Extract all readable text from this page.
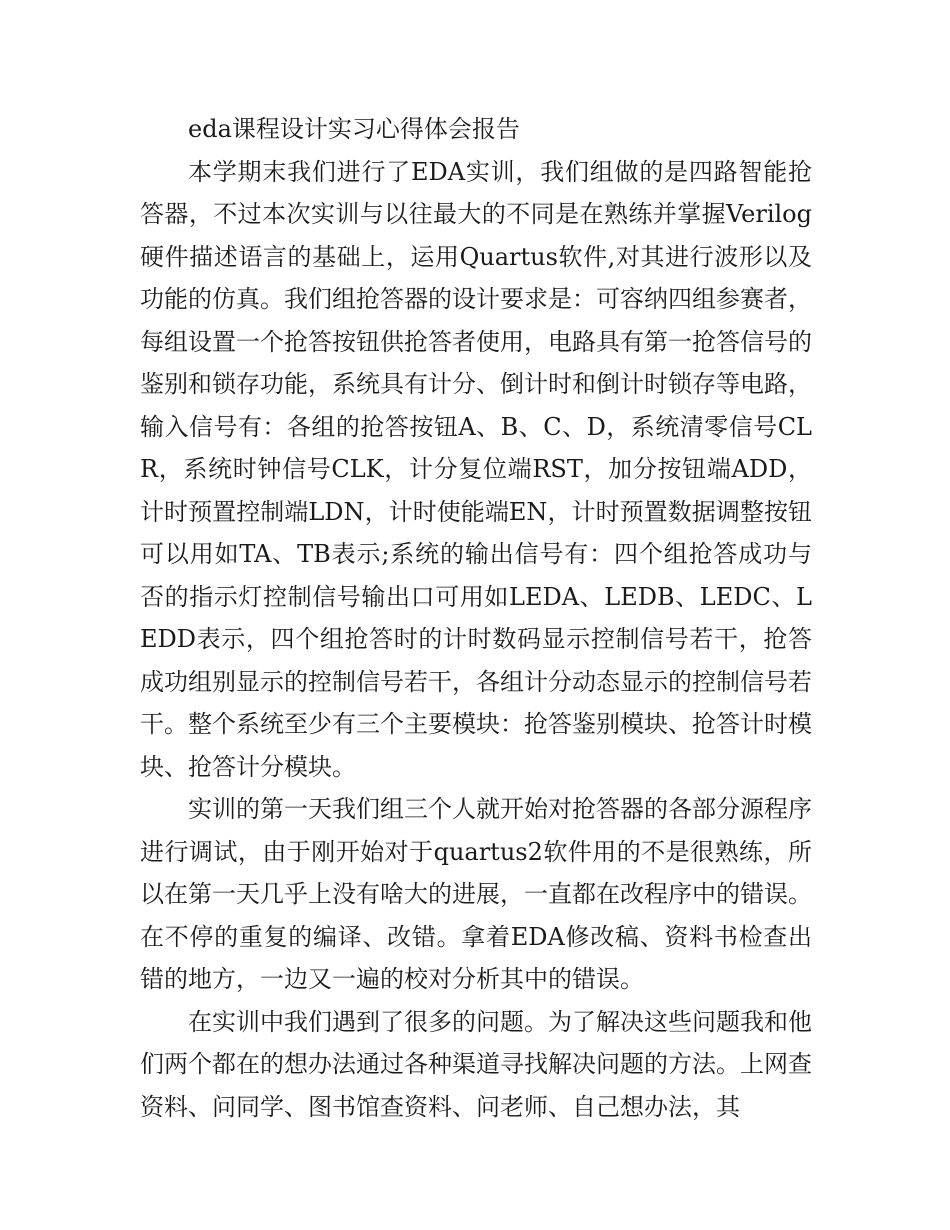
eda课程设计实习心得体会报告

本学期末我们进行了EDA实训，我们组做的是四路智能抢答器，不过本次实训与以往最大的不同是在熟练并掌握Verilog硬件描述语言的基础上，运用Quartus软件,对其进行波形以及功能的仿真。我们组抢答器的设计要求是：可容纳四组参赛者，每组设置一个抢答按钮供抢答者使用，电路具有第一抢答信号的鉴别和锁存功能，系统具有计分、倒计时和倒计时锁存等电路，输入信号有：各组的抢答按钮A、B、C、D，系统清零信号CLR，系统时钟信号CLK，计分复位端RST，加分按钮端ADD，计时预置控制端LDN，计时使能端EN，计时预置数据调整按钮可以用如TA、TB表示;系统的输出信号有：四个组抢答成功与否的指示灯控制信号输出口可用如LEDA、LEDB、LEDC、LEDD表示，四个组抢答时的计时数码显示控制信号若干，抢答成功组别显示的控制信号若干，各组计分动态显示的控制信号若干。整个系统至少有三个主要模块：抢答鉴别模块、抢答计时模块、抢答计分模块。

实训的第一天我们组三个人就开始对抢答器的各部分源程序进行调试，由于刚开始对于quartus2软件用的不是很熟练，所以在第一天几乎上没有啥大的进展，一直都在改程序中的错误。在不停的重复的编译、改错。拿着EDA修改稿、资料书检查出错的地方，一边又一遍的校对分析其中的错误。

在实训中我们遇到了很多的问题。为了解决这些问题我和他们两个都在的想办法通过各种渠道寻找解决问题的方法。上网查资料、问同学、图书馆查资料、问老师、自己想办法，其
